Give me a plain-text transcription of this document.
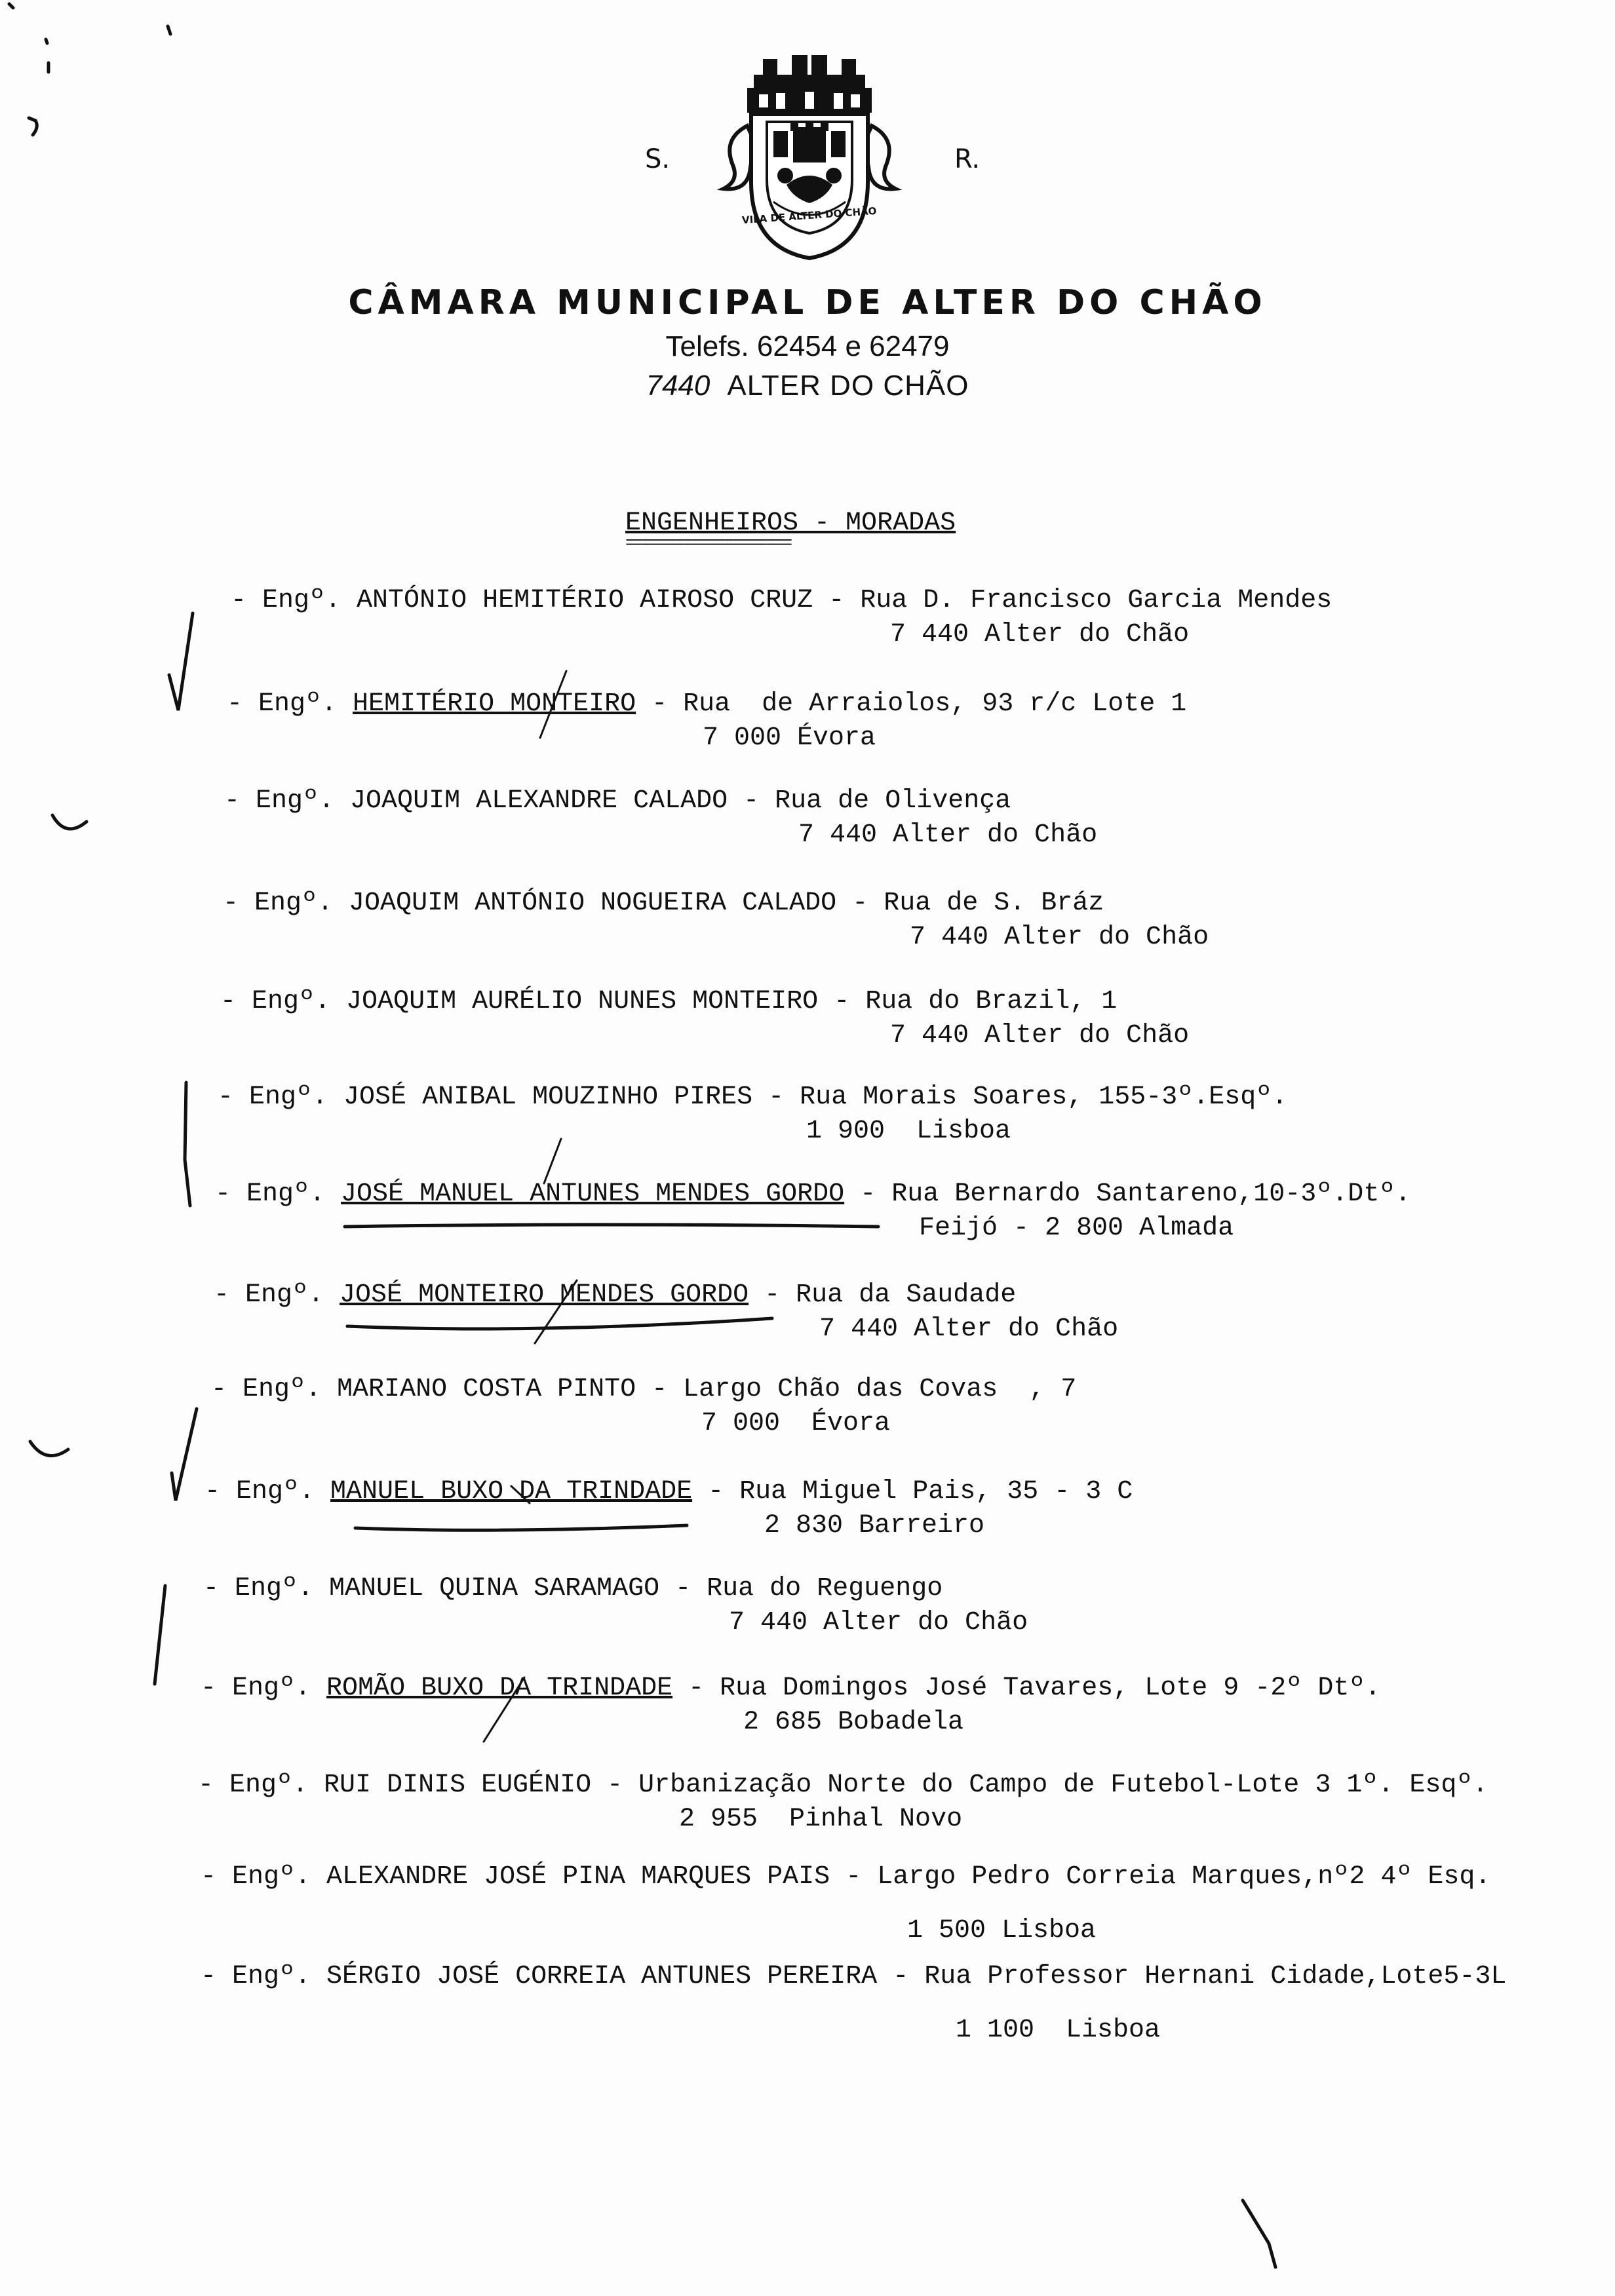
S.	R.
VILA DE ALTER DO CHÃO
CÂMARA MUNICIPAL DE ALTER DO CHÃO
Telefs. 62454 e 62479
7440 ALTER DO CHÃO
ENGENHEIROS - MORADAS
====================

- Engº. ANTÓNIO HEMITÉRIO AIROSO CRUZ - Rua D. Francisco Garcia Mendes

7 440 Alter do Chão

- Engº. HEMITÉRIO MONTEIRO - Rua  de Arraiolos, 93 r/c Lote 1

7 000 Évora

- Engº. JOAQUIM ALEXANDRE CALADO - Rua de Olivença

7 440 Alter do Chão

- Engº. JOAQUIM ANTÓNIO NOGUEIRA CALADO - Rua de S. Bráz

7 440 Alter do Chão

- Engº. JOAQUIM AURÉLIO NUNES MONTEIRO - Rua do Brazil, 1

7 440 Alter do Chão

- Engº. JOSÉ ANIBAL MOUZINHO PIRES - Rua Morais Soares, 155-3º.Esqº.

1 900  Lisboa

- Engº. JOSÉ MANUEL ANTUNES MENDES GORDO - Rua Bernardo Santareno,10-3º.Dtº.

Feijó - 2 800 Almada

- Engº. JOSÉ MONTEIRO MENDES GORDO - Rua da Saudade

7 440 Alter do Chão

- Engº. MARIANO COSTA PINTO - Largo Chão das Covas  , 7

7 000  Évora

- Engº. MANUEL BUXO DA TRINDADE - Rua Miguel Pais, 35 - 3 C

2 830 Barreiro

- Engº. MANUEL QUINA SARAMAGO - Rua do Reguengo

7 440 Alter do Chão

- Engº. ROMÃO BUXO DA TRINDADE - Rua Domingos José Tavares, Lote 9 -2º Dtº.

2 685 Bobadela

- Engº. RUI DINIS EUGÉNIO - Urbanização Norte do Campo de Futebol-Lote 3 1º. Esqº.

2 955  Pinhal Novo

- Engº. ALEXANDRE JOSÉ PINA MARQUES PAIS - Largo Pedro Correia Marques,nº2 4º Esq.

1 500 Lisboa

- Engº. SÉRGIO JOSÉ CORREIA ANTUNES PEREIRA - Rua Professor Hernani Cidade,Lote5-3L

1 100  Lisboa
